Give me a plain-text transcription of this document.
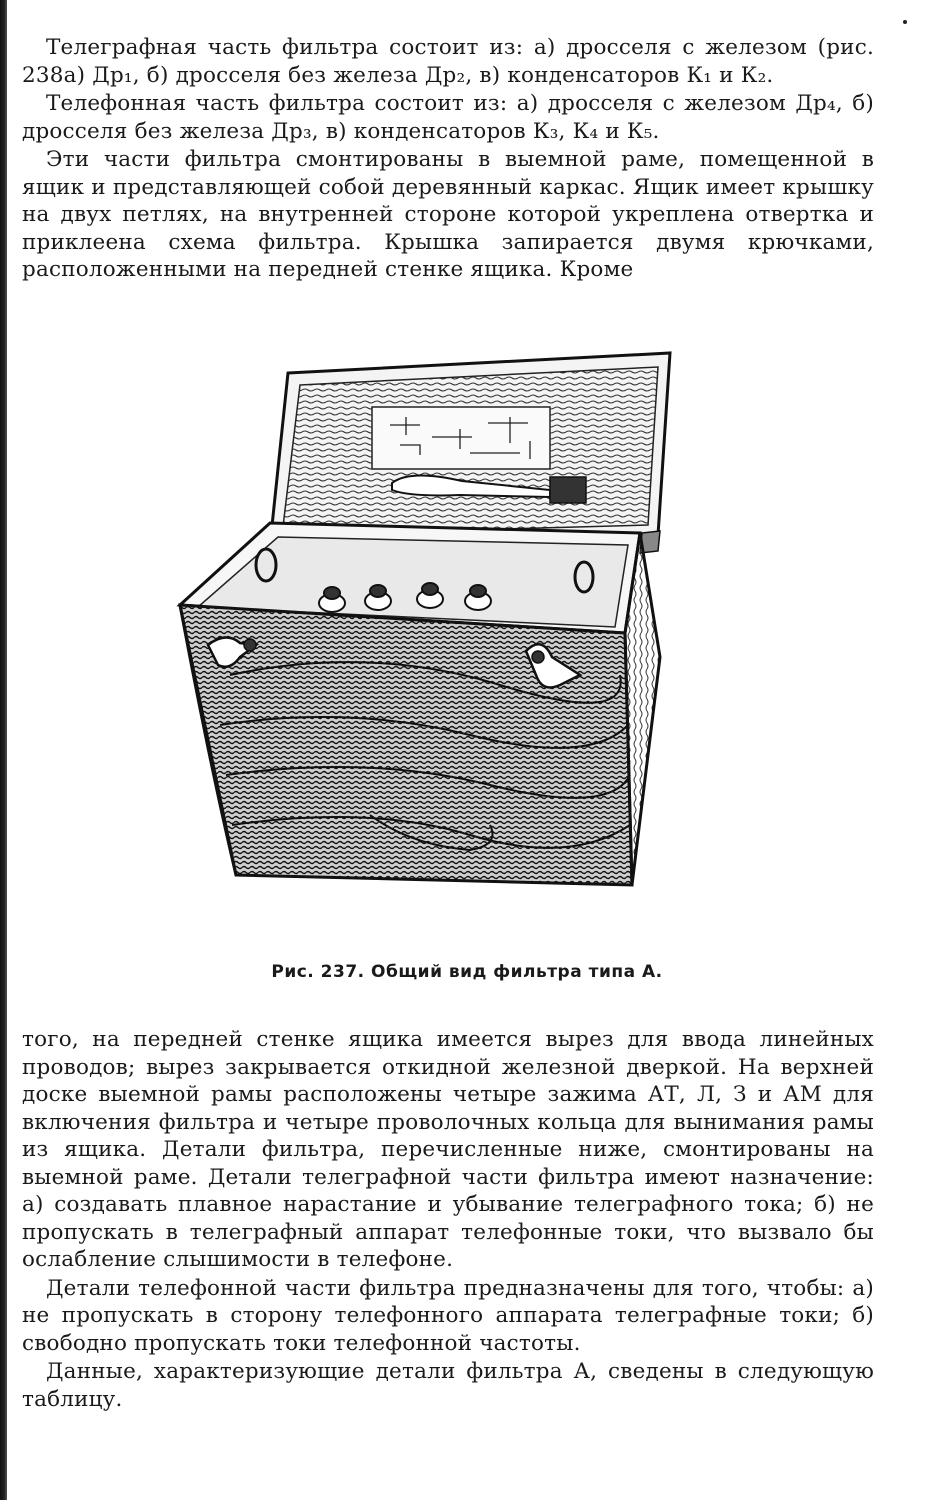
Телеграфная часть фильтра состоит из: а) дросселя с железом (рис. 238а) Др₁, б) дросселя без железа Др₂, в) конденсаторов К₁ и К₂.

Телефонная часть фильтра состоит из: а) дросселя с железом Др₄, б) дросселя без железа Др₃, в) конденсаторов К₃, К₄ и К₅.

Эти части фильтра смонтированы в выемной раме, помещенной в ящик и представляющей собой деревянный каркас. Ящик имеет крышку на двух петлях, на внутренней стороне которой укреплена отвертка и приклеена схема фильтра. Крышка запирается двумя крючками, расположенными на передней стенке ящика. Кроме

Рис. 237. Общий вид фильтра типа А.

того, на передней стенке ящика имеется вырез для ввода линейных проводов; вырез закрывается откидной железной дверкой. На верхней доске выемной рамы расположены четыре зажима АТ, Л, З и АМ для включения фильтра и четыре проволочных кольца для вынимания рамы из ящика. Детали фильтра, перечисленные ниже, смонтированы на выемной раме. Детали телеграфной части фильтра имеют назначение: а) создавать плавное нарастание и убывание телеграфного тока; б) не пропускать в телеграфный аппарат телефонные токи, что вызвало бы ослабление слышимости в телефоне.

Детали телефонной части фильтра предназначены для того, чтобы: а) не пропускать в сторону телефонного аппарата телеграфные токи; б) свободно пропускать токи телефонной частоты.

Данные, характеризующие детали фильтра А, сведены в следующую таблицу.
